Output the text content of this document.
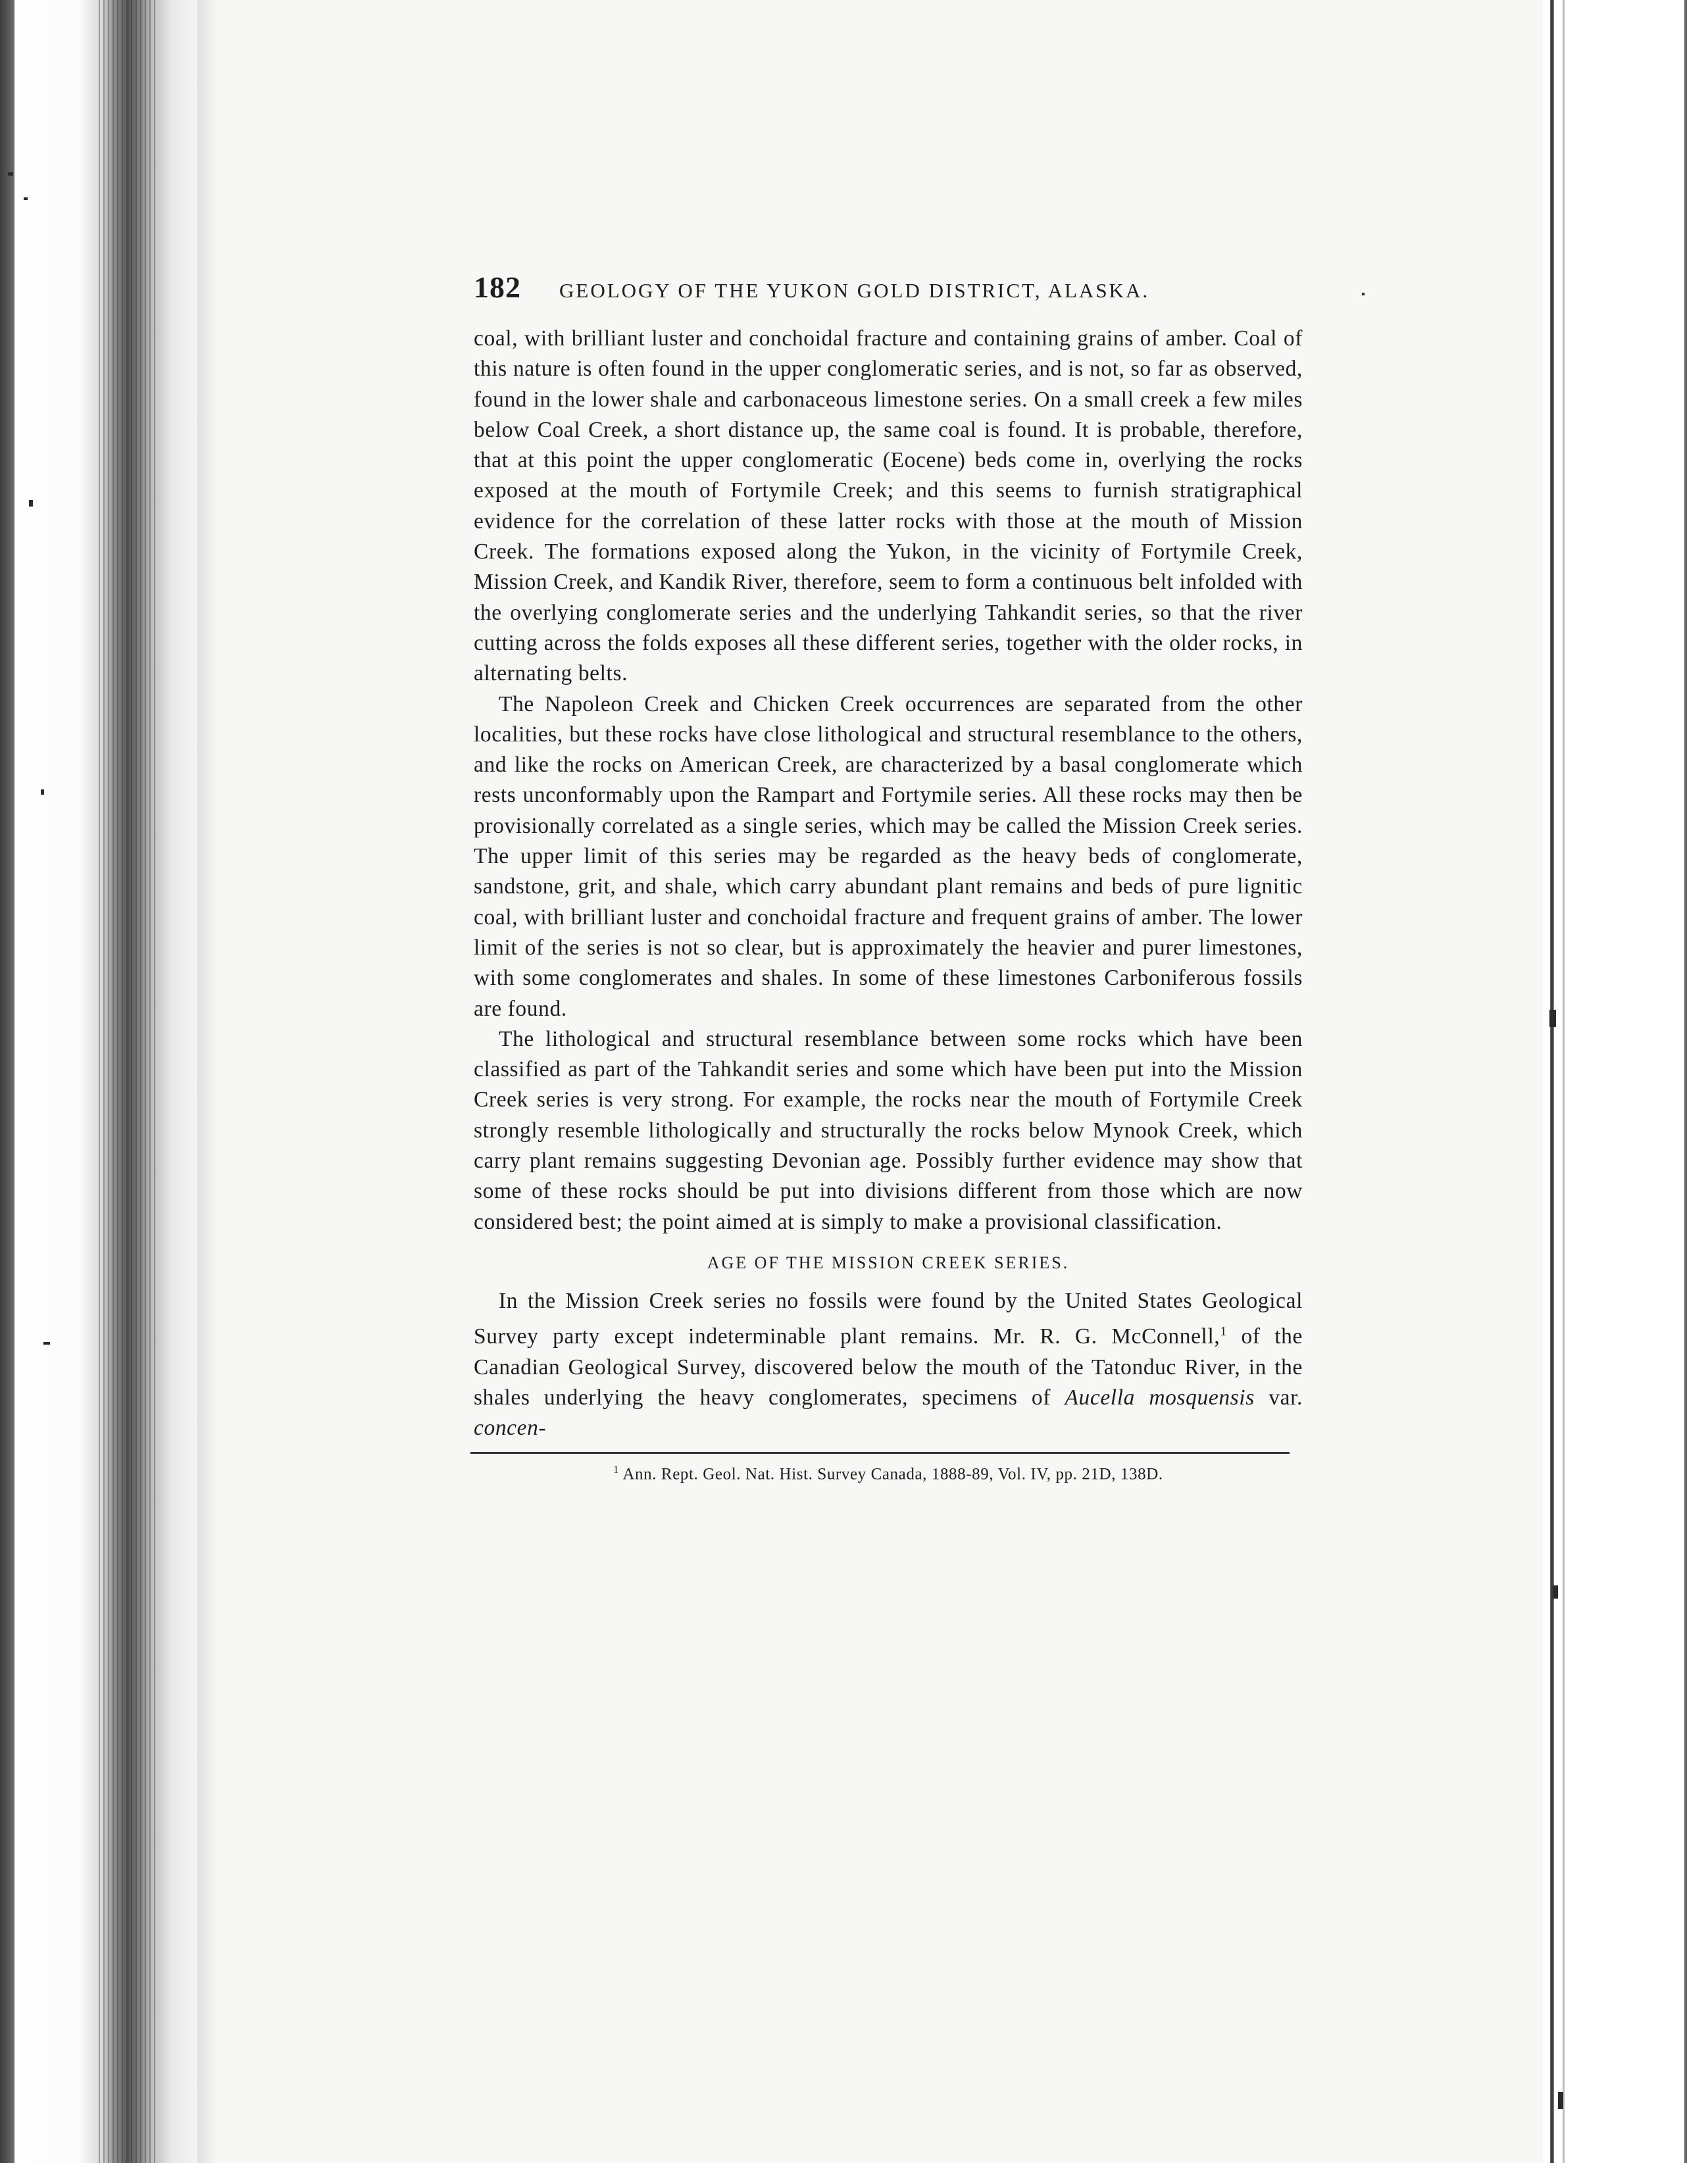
182	GEOLOGY OF THE YUKON GOLD DISTRICT, ALASKA.

coal, with brilliant luster and conchoidal fracture and containing grains of amber. Coal of this nature is often found in the upper conglomeratic series, and is not, so far as observed, found in the lower shale and carbonaceous limestone series. On a small creek a few miles below Coal Creek, a short distance up, the same coal is found. It is probable, therefore, that at this point the upper conglomeratic (Eocene) beds come in, overlying the rocks exposed at the mouth of Fortymile Creek; and this seems to furnish stratigraphical evidence for the correlation of these latter rocks with those at the mouth of Mission Creek. The formations exposed along the Yukon, in the vicinity of Fortymile Creek, Mission Creek, and Kandik River, therefore, seem to form a continuous belt infolded with the overlying conglomerate series and the underlying Tahkandit series, so that the river cutting across the folds exposes all these different series, together with the older rocks, in alternating belts.

The Napoleon Creek and Chicken Creek occurrences are separated from the other localities, but these rocks have close lithological and structural resemblance to the others, and like the rocks on American Creek, are characterized by a basal conglomerate which rests unconformably upon the Rampart and Fortymile series. All these rocks may then be provisionally correlated as a single series, which may be called the Mission Creek series. The upper limit of this series may be regarded as the heavy beds of conglomerate, sandstone, grit, and shale, which carry abundant plant remains and beds of pure lignitic coal, with brilliant luster and conchoidal fracture and frequent grains of amber. The lower limit of the series is not so clear, but is approximately the heavier and purer limestones, with some conglomerates and shales. In some of these limestones Carboniferous fossils are found.

The lithological and structural resemblance between some rocks which have been classified as part of the Tahkandit series and some which have been put into the Mission Creek series is very strong. For example, the rocks near the mouth of Fortymile Creek strongly resemble lithologically and structurally the rocks below Mynook Creek, which carry plant remains suggesting Devonian age. Possibly further evidence may show that some of these rocks should be put into divisions different from those which are now considered best; the point aimed at is simply to make a provisional classification.

AGE OF THE MISSION CREEK SERIES.

In the Mission Creek series no fossils were found by the United States Geological Survey party except indeterminable plant remains. Mr. R. G. McConnell,$^1$ of the Canadian Geological Survey, discovered below the mouth of the Tatonduc River, in the shales underlying the heavy conglomerates, specimens of Aucella mosquensis var. concen-

$^1$ Ann. Rept. Geol. Nat. Hist. Survey Canada, 1888-89, Vol. IV, pp. 21D, 138D.
